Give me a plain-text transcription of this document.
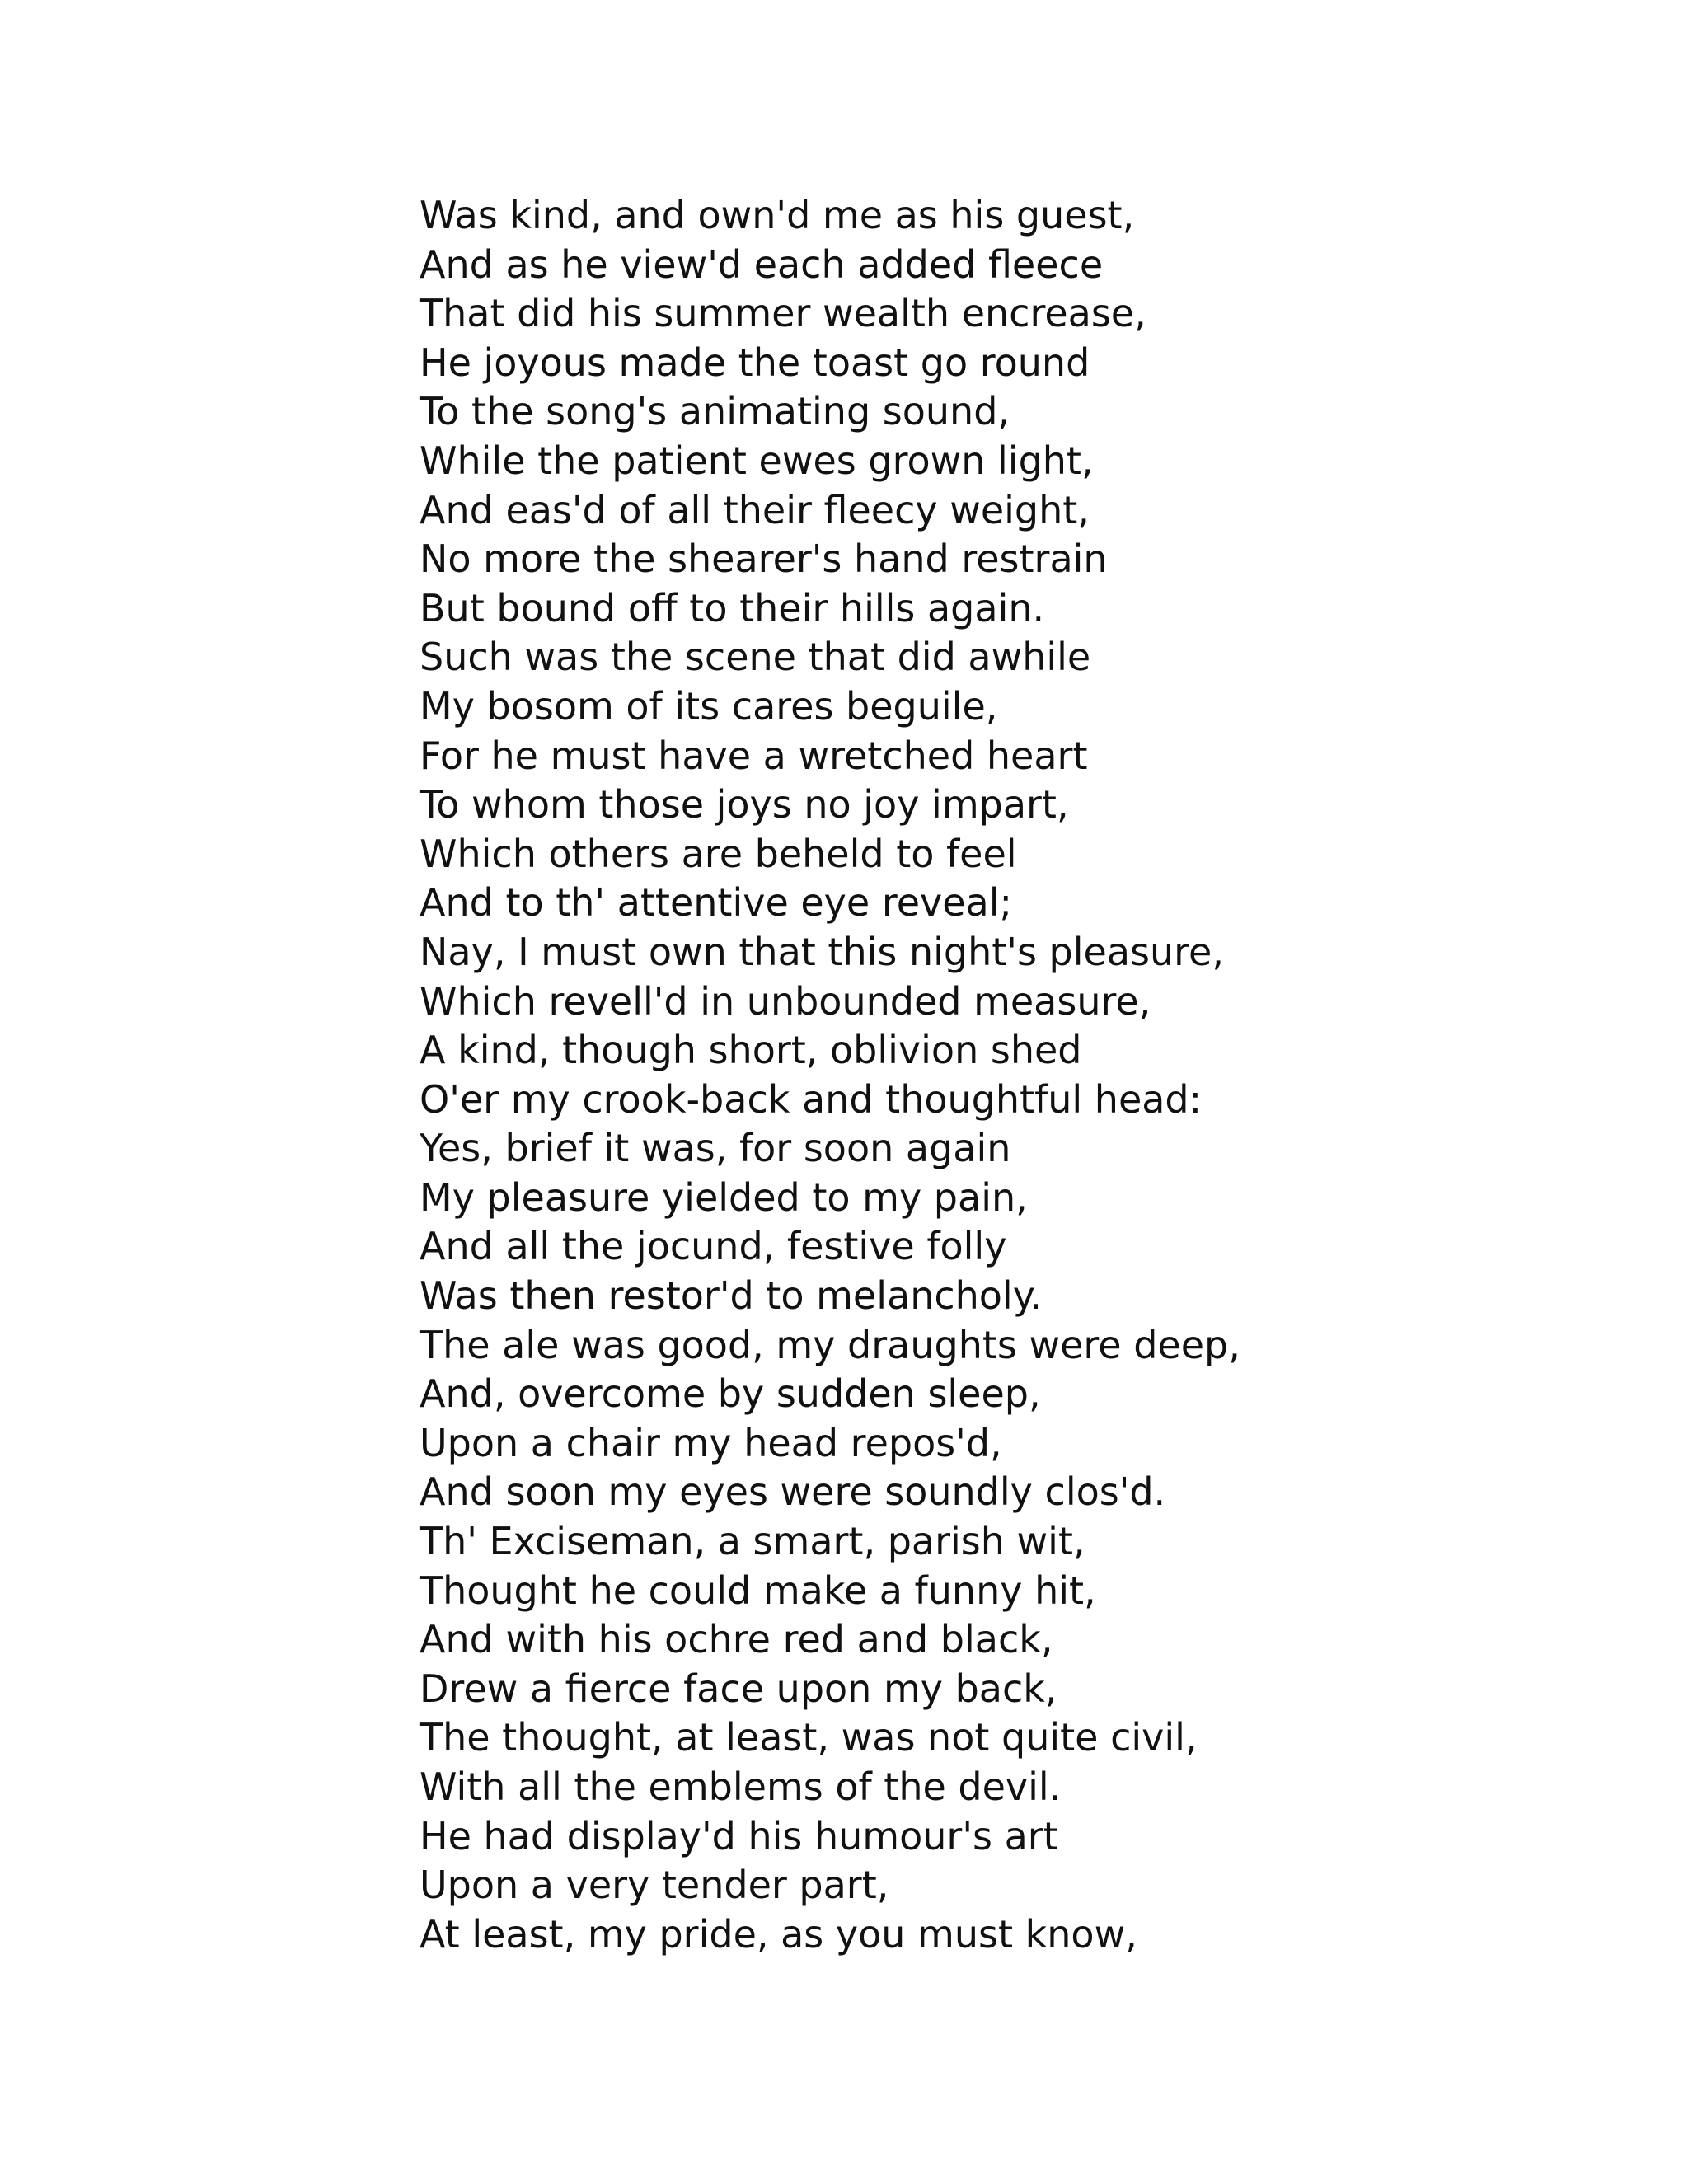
Was kind, and own'd me as his guest,
And as he view'd each added fleece
That did his summer wealth encrease,
He joyous made the toast go round
To the song's animating sound,
While the patient ewes grown light,
And eas'd of all their fleecy weight,
No more the shearer's hand restrain
But bound off to their hills again.
Such was the scene that did awhile
My bosom of its cares beguile,
For he must have a wretched heart
To whom those joys no joy impart,
Which others are beheld to feel
And to th' attentive eye reveal;
Nay, I must own that this night's pleasure,
Which revell'd in unbounded measure,
A kind, though short, oblivion shed
O'er my crook-back and thoughtful head:
Yes, brief it was, for soon again
My pleasure yielded to my pain,
And all the jocund, festive folly
Was then restor'd to melancholy.
The ale was good, my draughts were deep,
And, overcome by sudden sleep,
Upon a chair my head repos'd,
And soon my eyes were soundly clos'd.
Th' Exciseman, a smart, parish wit,
Thought he could make a funny hit,
And with his ochre red and black,
Drew a fierce face upon my back,
The thought, at least, was not quite civil,
With all the emblems of the devil.
He had display'd his humour's art
Upon a very tender part,
At least, my pride, as you must know,
